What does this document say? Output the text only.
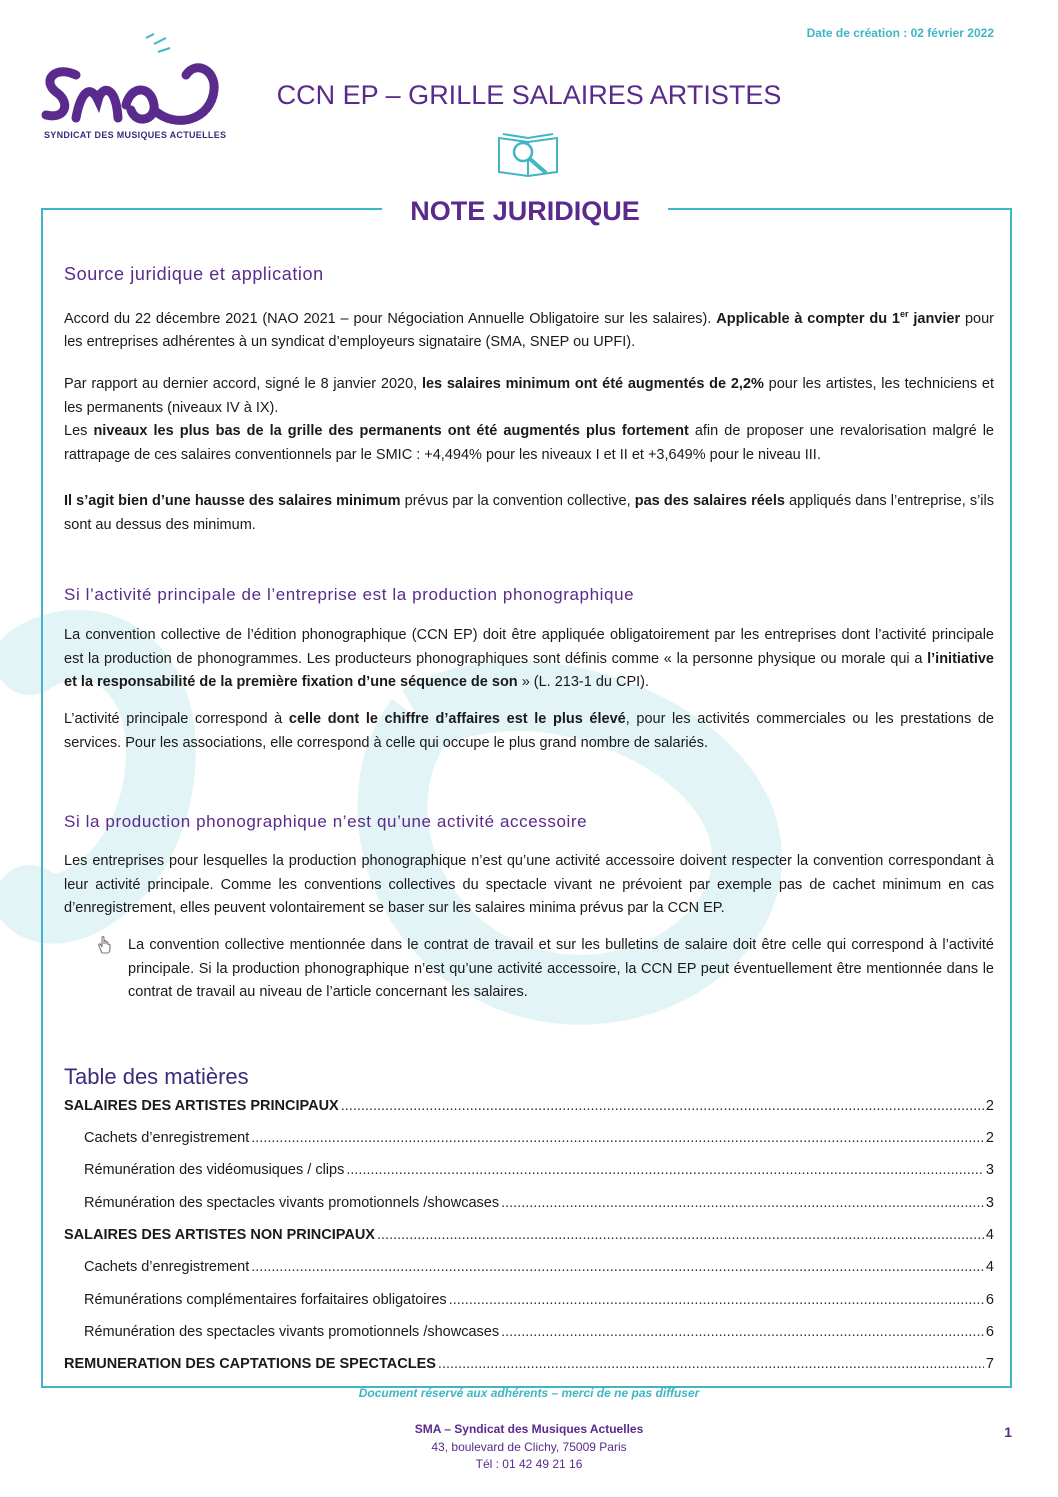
Date de création : 02 février 2022
SYNDICAT DES MUSIQUES ACTUELLES
CCN EP – GRILLE SALAIRES ARTISTES
NOTE JURIDIQUE
Source juridique et application
Accord du 22 décembre 2021 (NAO 2021 – pour Négociation Annuelle Obligatoire sur les salaires). Applicable à compter du 1er janvier pour les entreprises adhérentes à un syndicat d’employeurs signataire (SMA, SNEP ou UPFI).
Par rapport au dernier accord, signé le 8 janvier 2020, les salaires minimum ont été augmentés de 2,2% pour les artistes, les techniciens et les permanents (niveaux IV à IX).
Les niveaux les plus bas de la grille des permanents ont été augmentés plus fortement afin de proposer une revalorisation malgré le rattrapage de ces salaires conventionnels par le SMIC : +4,494% pour les niveaux I et II et +3,649% pour le niveau III.
Il s’agit bien d’une hausse des salaires minimum prévus par la convention collective, pas des salaires réels appliqués dans l’entreprise, s’ils sont au dessus des minimum.
Si l’activité principale de l’entreprise est la production phonographique
La convention collective de l’édition phonographique (CCN EP) doit être appliquée obligatoirement par les entreprises dont l’activité principale est la production de phonogrammes. Les producteurs phonographiques sont définis comme « la personne physique ou morale qui a l’initiative et la responsabilité de la première fixation d’une séquence de son » (L. 213-1 du CPI).
L’activité principale correspond à celle dont le chiffre d’affaires est le plus élevé, pour les activités commerciales ou les prestations de services. Pour les associations, elle correspond à celle qui occupe le plus grand nombre de salariés.
Si la production phonographique n’est qu’une activité accessoire
Les entreprises pour lesquelles la production phonographique n’est qu’une activité accessoire doivent respecter la convention correspondant à leur activité principale. Comme les conventions collectives du spectacle vivant ne prévoient par exemple pas de cachet minimum en cas d’enregistrement, elles peuvent volontairement se baser sur les salaires minima prévus par la CCN EP.
La convention collective mentionnée dans le contrat de travail et sur les bulletins de salaire doit être celle qui correspond à l’activité principale. Si la production phonographique n’est qu’une activité accessoire, la CCN EP peut éventuellement être mentionnée dans le contrat de travail au niveau de l’article concernant les salaires.
Table des matières
SALAIRES DES ARTISTES PRINCIPAUX .....	2
Cachets d’enregistrement .....	2
Rémunération des vidéomusiques / clips .....	3
Rémunération des spectacles vivants promotionnels /showcases .....	3
SALAIRES DES ARTISTES NON PRINCIPAUX .....	4
Cachets d’enregistrement .....	4
Rémunérations complémentaires forfaitaires obligatoires .....	6
Rémunération des spectacles vivants promotionnels /showcases .....	6
REMUNERATION DES CAPTATIONS DE SPECTACLES .....	7
Document réservé aux adhérents – merci de ne pas diffuser
SMA – Syndicat des Musiques Actuelles
43, boulevard de Clichy, 75009 Paris
Tél : 01 42 49 21 16
1
